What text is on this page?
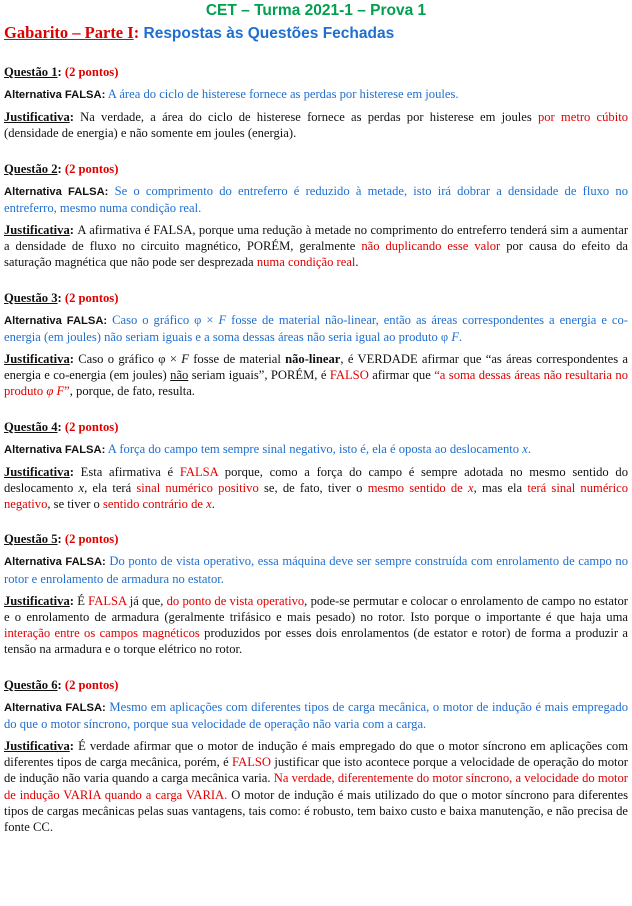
CET – Turma 2021-1 – Prova 1
Gabarito – Parte I: Respostas às Questões Fechadas

Questão 1: (2 pontos)

Alternativa FALSA: A área do ciclo de histerese fornece as perdas por histerese em joules.

Justificativa: Na verdade, a área do ciclo de histerese fornece as perdas por histerese em joules por metro cúbito (densidade de energia) e não somente em joules (energia).

Questão 2: (2 pontos)

Alternativa FALSA: Se o comprimento do entreferro é reduzido à metade, isto irá dobrar a densidade de fluxo no entreferro, mesmo numa condição real.

Justificativa: A afirmativa é FALSA, porque uma redução à metade no comprimento do entreferro tenderá sim a aumentar a densidade de fluxo no circuito magnético, PORÉM, geralmente não duplicando esse valor por causa do efeito da saturação magnética que não pode ser desprezada numa condição real.

Questão 3: (2 pontos)

Alternativa FALSA: Caso o gráfico φ × F fosse de material não-linear, então as áreas correspondentes a energia e co-energia (em joules) não seriam iguais e a soma dessas áreas não seria igual ao produto φ F.

Justificativa: Caso o gráfico φ × F fosse de material não-linear, é VERDADE afirmar que “as áreas correspondentes a energia e co-energia (em joules) não seriam iguais”, PORÉM, é FALSO afirmar que “a soma dessas áreas não resultaria no produto φ F”, porque, de fato, resulta.

Questão 4: (2 pontos)

Alternativa FALSA: A força do campo tem sempre sinal negativo, isto é, ela é oposta ao deslocamento x.

Justificativa: Esta afirmativa é FALSA porque, como a força do campo é sempre adotada no mesmo sentido do deslocamento x, ela terá sinal numérico positivo se, de fato, tiver o mesmo sentido de x, mas ela terá sinal numérico negativo, se tiver o sentido contrário de x.

Questão 5: (2 pontos)

Alternativa FALSA: Do ponto de vista operativo, essa máquina deve ser sempre construída com enrolamento de campo no rotor e enrolamento de armadura no estator.

Justificativa: É FALSA já que, do ponto de vista operativo, pode-se permutar e colocar o enrolamento de campo no estator e o enrolamento de armadura (geralmente trifásico e mais pesado) no rotor. Isto porque o importante é que haja uma interação entre os campos magnéticos produzidos por esses dois enrolamentos (de estator e rotor) de forma a produzir a tensão na armadura e o torque elétrico no rotor.

Questão 6: (2 pontos)

Alternativa FALSA: Mesmo em aplicações com diferentes tipos de carga mecânica, o motor de indução é mais empregado do que o motor síncrono, porque sua velocidade de operação não varia com a carga.

Justificativa: É verdade afirmar que o motor de indução é mais empregado do que o motor síncrono em aplicações com diferentes tipos de carga mecânica, porém, é FALSO justificar que isto acontece porque a velocidade de operação do motor de indução não varia quando a carga mecânica varia. Na verdade, diferentemente do motor síncrono, a velocidade do motor de indução VARIA quando a carga VARIA. O motor de indução é mais utilizado do que o motor síncrono para diferentes tipos de cargas mecânicas pelas suas vantagens, tais como: é robusto, tem baixo custo e baixa manutenção, e não precisa de fonte CC.
